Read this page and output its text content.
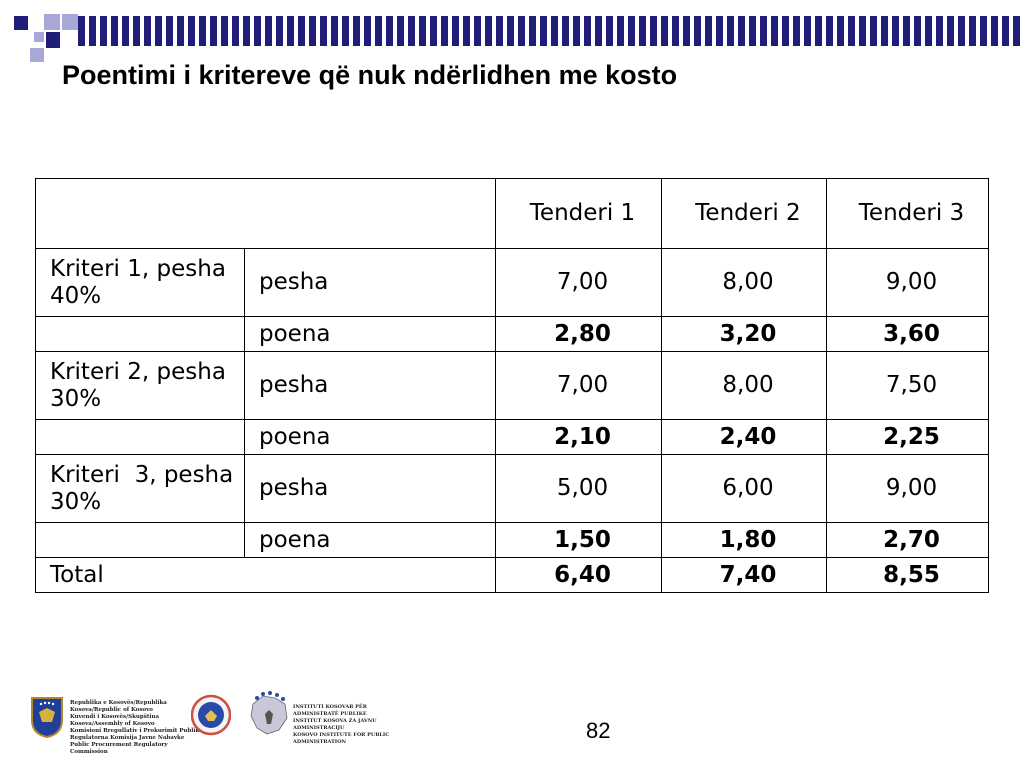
Poentimi i kritereve që nuk ndërlidhen me kosto
		Tenderi 1	Tenderi 2	Tenderi 3
Kriteri 1, pesha 40%	pesha	7,00	8,00	9,00
	poena	2,80	3,20	3,60
Kriteri 2, pesha 30%	pesha	7,00	8,00	7,50
	poena	2,10	2,40	2,25
Kriteri  3, pesha 30%	pesha	5,00	6,00	9,00
	poena	1,50	1,80	2,70
Total		6,40	7,40	8,55
Republika e Kosovës/Republika Kosova/Republic of Kosovo
Kuvendi i Kosovës/Skupština Kosova/Assembly of Kosovo
Komisioni Rregullativ i Prokurimit Publik
Regulatorna Komisija Javne Nabavke
Public Procurement Regulatory Commission
INSTITUTI KOSOVAR PËR ADMINISTRATË PUBLIKE
INSTITUT KOSOVA ZA JAVNU ADMINISTRACIJU
KOSOVO INSTITUTE FOR PUBLIC ADMINISTRATION	82
